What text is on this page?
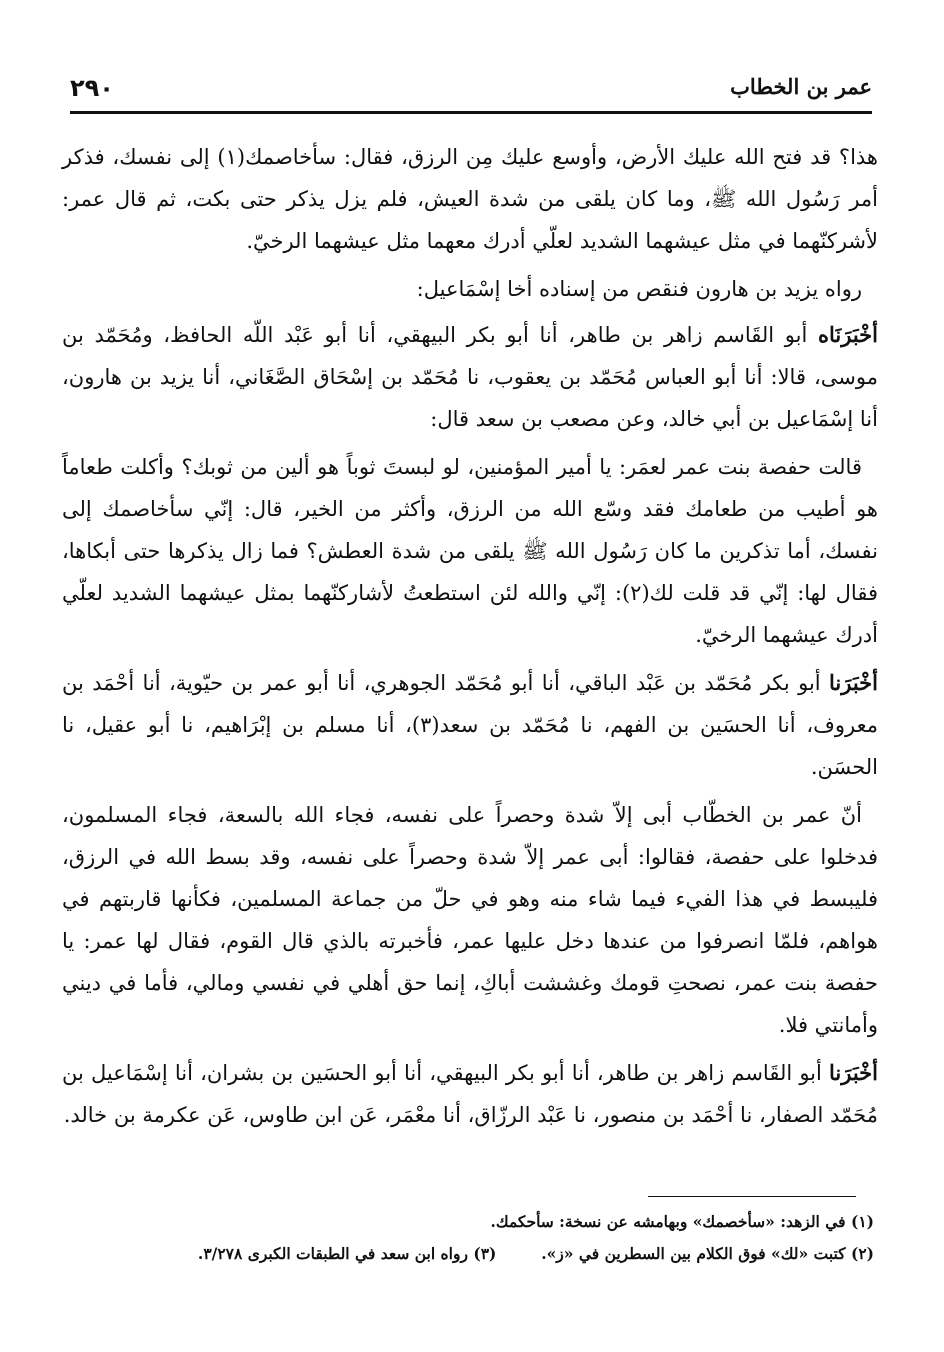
٢٩٠	عمر بن الخطاب

هذا؟ قد فتح الله عليك الأرض، وأوسع عليك مِن الرزق، فقال: سأخاصمك(١) إلى نفسك، فذكر أمر رَسُول الله ﷺ، وما كان يلقى من شدة العيش، فلم يزل يذكر حتى بكت، ثم قال عمر: لأشركنّهما في مثل عيشهما الشديد لعلّي أدرك معهما مثل عيشهما الرخيّ.

رواه يزيد بن هارون فنقص من إسناده أخا إسْمَاعيل:

أخْبَرَنَاه أبو القَاسم زاهر بن طاهر، أنا أبو بكر البيهقي، أنا أبو عَبْد اللّه الحافظ، ومُحَمّد بن موسى، قالا: أنا أبو العباس مُحَمّد بن يعقوب، نا مُحَمّد بن إسْحَاق الصَّغَاني، أنا يزيد بن هارون، أنا إسْمَاعيل بن أبي خالد، وعن مصعب بن سعد قال:

قالت حفصة بنت عمر لعمَر: يا أمير المؤمنين، لو لبستَ ثوباً هو ألين من ثوبك؟ وأكلت طعاماً هو أطيب من طعامك فقد وسّع الله من الرزق، وأكثر من الخير، قال: إنّي سأخاصمك إلى نفسك، أما تذكرين ما كان رَسُول الله ﷺ يلقى من شدة العطش؟ فما زال يذكرها حتى أبكاها، فقال لها: إنّي قد قلت لك(٢): إنّي والله لئن استطعتُ لأشاركنّهما بمثل عيشهما الشديد لعلّي أدرك عيشهما الرخيّ.

أخْبَرَنا أبو بكر مُحَمّد بن عَبْد الباقي، أنا أبو مُحَمّد الجوهري، أنا أبو عمر بن حيّوية، أنا أحْمَد بن معروف، أنا الحسَين بن الفهم، نا مُحَمّد بن سعد(٣)، أنا مسلم بن إبْرَاهيم، نا أبو عقيل، نا الحسَن.

أنّ عمر بن الخطّاب أبى إلاّ شدة وحصراً على نفسه، فجاء الله بالسعة، فجاء المسلمون، فدخلوا على حفصة، فقالوا: أبى عمر إلاّ شدة وحصراً على نفسه، وقد بسط الله في الرزق، فليبسط في هذا الفيء فيما شاء منه وهو في حلّ من جماعة المسلمين، فكأنها قاربتهم في هواهم، فلمّا انصرفوا من عندها دخل عليها عمر، فأخبرته بالذي قال القوم، فقال لها عمر: يا حفصة بنت عمر، نصحتِ قومك وغششت أباكِ، إنما حق أهلي في نفسي ومالي، فأما في ديني وأمانتي فلا.

أخْبَرَنا أبو القَاسم زاهر بن طاهر، أنا أبو بكر البيهقي، أنا أبو الحسَين بن بشران، أنا إسْمَاعيل بن مُحَمّد الصفار، نا أحْمَد بن منصور، نا عَبْد الرزّاق، أنا معْمَر، عَن ابن طاوس، عَن عكرمة بن خالد.

(١) في الزهد: «سأخصمك» وبهامشه عن نسخة: سأحكمك.
(٢) كتبت «لك» فوق الكلام بين السطرين في «ز».  (٣) رواه ابن سعد في الطبقات الكبرى ٣/٢٧٨.
